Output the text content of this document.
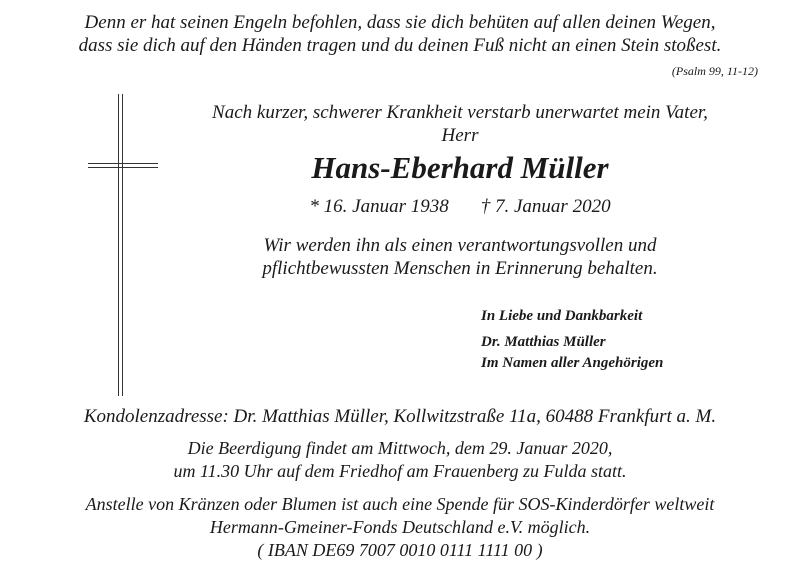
Denn er hat seinen Engeln befohlen, dass sie dich behüten auf allen deinen Wegen,
dass sie dich auf den Händen tragen und du deinen Fuß nicht an einen Stein stoßest.
(Psalm 99, 11-12)
Nach kurzer, schwerer Krankheit verstarb unerwartet mein Vater,
Herr
Hans-Eberhard Müller
* 16. Januar 1938 † 7. Januar 2020
Wir werden ihn als einen verantwortungsvollen und
pflichtbewussten Menschen in Erinnerung behalten.
In Liebe und Dankbarkeit
Dr. Matthias Müller
Im Namen aller Angehörigen
Kondolenzadresse: Dr. Matthias Müller, Kollwitzstraße 11a, 60488 Frankfurt a. M.
Die Beerdigung findet am Mittwoch, dem 29. Januar 2020,
um 11.30 Uhr auf dem Friedhof am Frauenberg zu Fulda statt.
Anstelle von Kränzen oder Blumen ist auch eine Spende für SOS-Kinderdörfer weltweit
Hermann-Gmeiner-Fonds Deutschland e.V. möglich.
( IBAN DE69 7007 0010 0111 1111 00 )
